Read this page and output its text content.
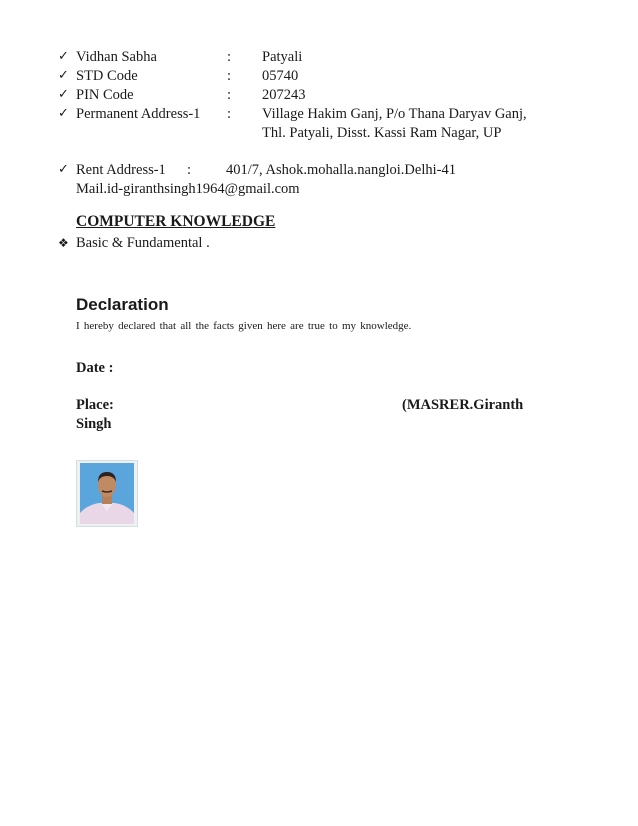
✓ Vidhan Sabha	: Patyali
✓ STD Code	: 05740
✓ PIN Code	: 207243
✓ Permanent Address-1 : Village Hakim Ganj, P/o Thana Daryav Ganj,
Thl. Patyali, Disst. Kassi Ram Nagar, UP
✓ Rent Address-1 : 401/7, Ashok.mohalla.nangloi.Delhi-41
Mail.id-giranthsingh1964@gmail.com
COMPUTER KNOWLEDGE
❖ Basic & Fundamental .
Declaration
I hereby declared that all the facts given here are true to my knowledge.
Date :
Place:	(MASRER.Giranth
Singh
